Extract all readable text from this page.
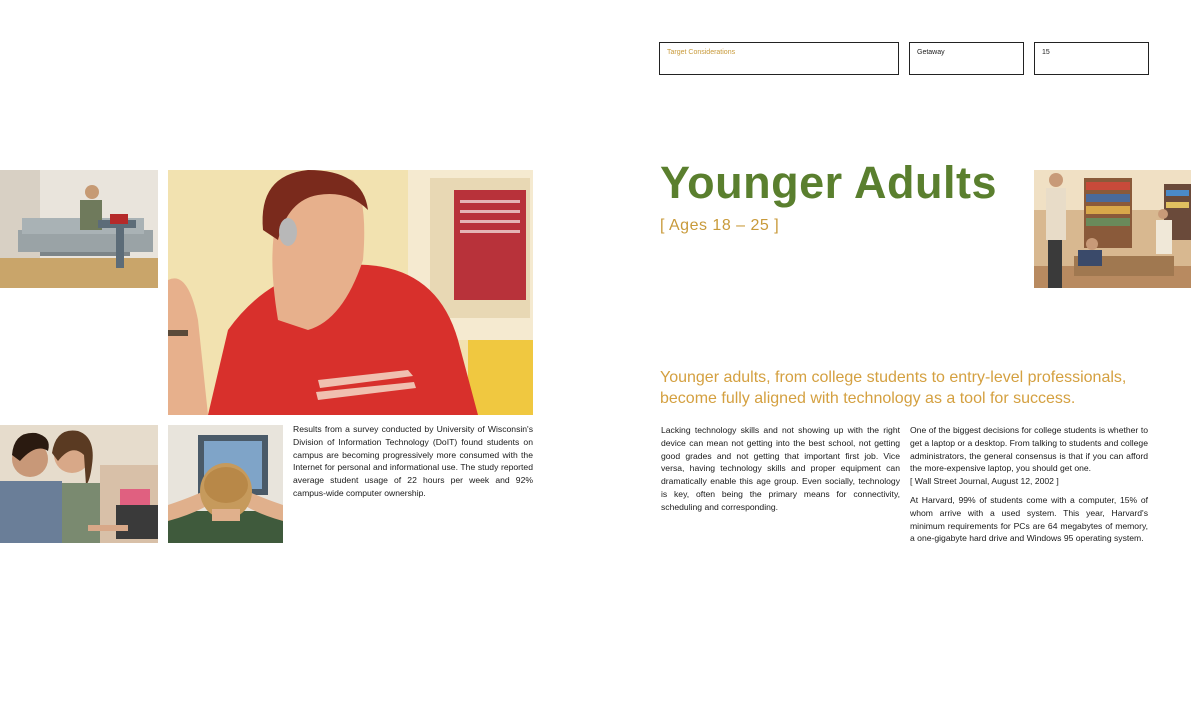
Target Considerations	Getaway	15
Younger Adults
[ Ages 18 – 25 ]
Younger adults, from college students to entry-level professionals, become fully aligned with technology as a tool for success.
Results from a survey conducted by University of Wisconsin's Division of Information Technology (DoIT) found students on campus are becoming progressively more consumed with the Internet for personal and informational use. The study reported average student usage of 22 hours per week and 92% campus-wide computer ownership.

Lacking technology skills and not showing up with the right device can mean not getting into the best school, not getting good grades and not getting that important first job. Vice versa, having technology skills and proper equipment can dramatically enable this age group. Even socially, technology is key, often being the primary means for connectivity, scheduling and corresponding.

One of the biggest decisions for college students is whether to get a laptop or a desktop. From talking to students and college administrators, the general consensus is that if you can afford the more-expensive laptop, you should get one.

[ Wall Street Journal, August 12, 2002 ]

At Harvard, 99% of students come with a computer, 15% of whom arrive with a used system. This year, Harvard's minimum requirements for PCs are 64 megabytes of memory, a one-gigabyte hard drive and Windows 95 operating system.
